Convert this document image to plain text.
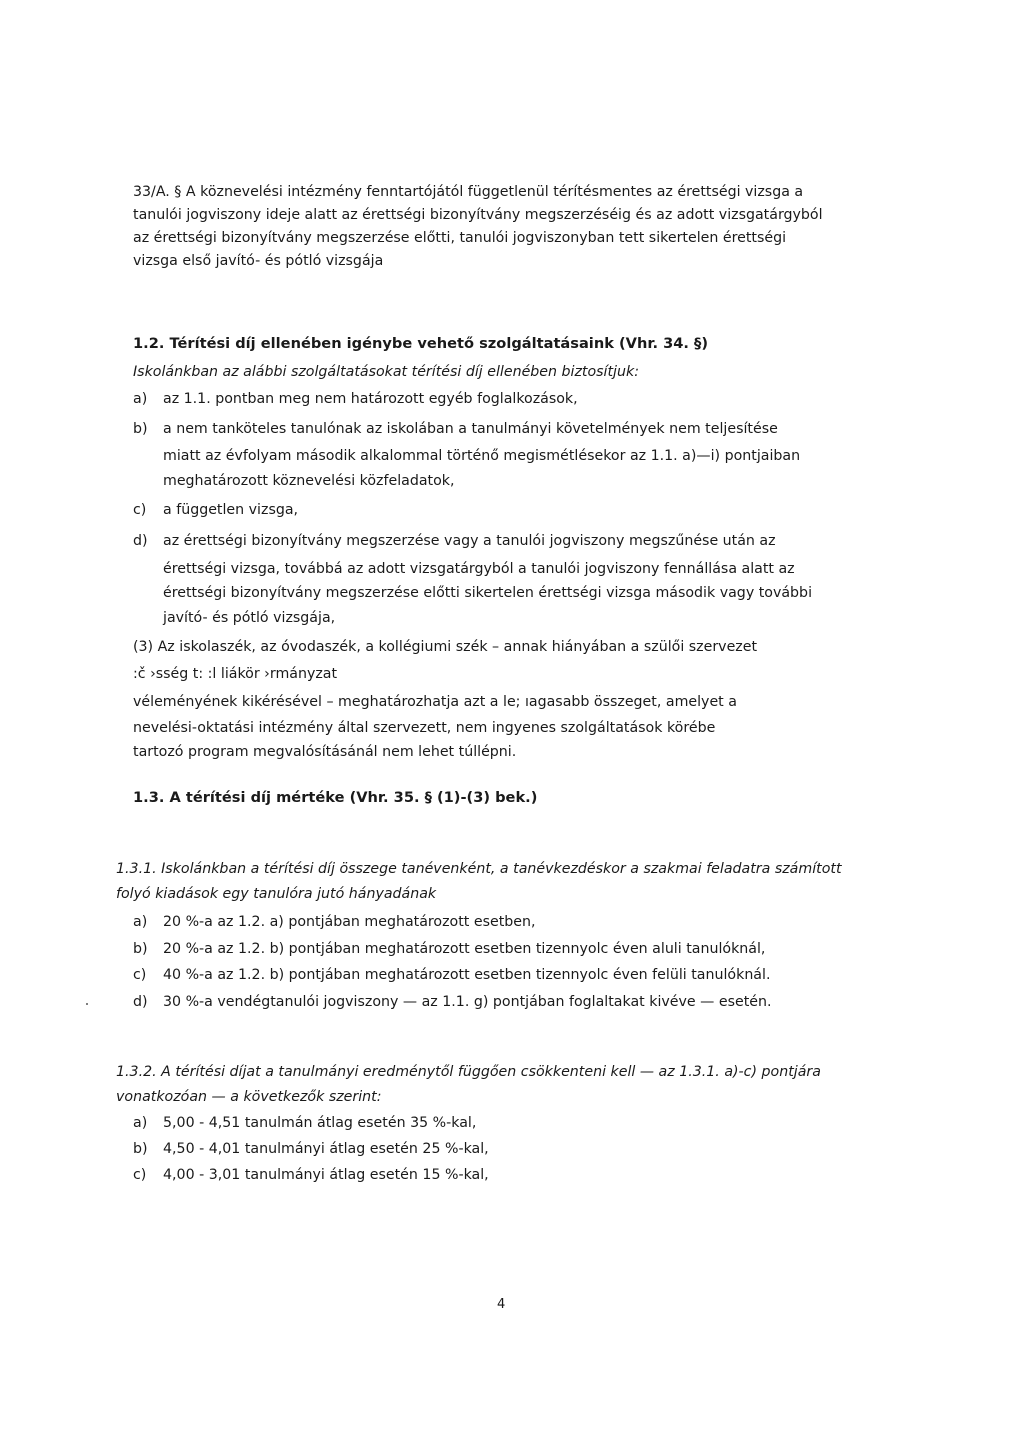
33/A. § A köznevelési intézmény fenntartójától függetlenül térítésmentes az érettségi vizsga a
tanulói jogviszony ideje alatt az érettségi bizonyítvány megszerzéséig és az adott vizsgatárgyból
az érettségi bizonyítvány megszerzése előtti, tanulói jogviszonyban tett sikertelen érettségi
vizsga első javító- és pótló vizsgája
1.2. Térítési díj ellenében igénybe vehető szolgáltatásaink (Vhr. 34. §)
Iskolánkban az alábbi szolgáltatásokat térítési díj ellenében biztosítjuk:
a) az 1.1. pontban meg nem határozott egyéb foglalkozások,
b) a nem tanköteles tanulónak az iskolában a tanulmányi követelmények nem teljesítése
miatt az évfolyam második alkalommal történő megismétlésekor az 1.1. a)—i) pontjaiban
meghatározott köznevelési közfeladatok,
c) a független vizsga,
d) az érettségi bizonyítvány megszerzése vagy a tanulói jogviszony megszűnése után az
érettségi vizsga, továbbá az adott vizsgatárgyból a tanulói jogviszony fennállása alatt az
érettségi bizonyítvány megszerzése előtti sikertelen érettségi vizsga második vagy további
javító- és pótló vizsgája,
(3) Az iskolaszék, az óvodaszék, a kollégiumi szék – annak hiányában a szülői szervezet
:č ›sség t: :l liákör ›rmányzat
véleményének kikérésével – meghatározhatja azt a le; ıagasabb összeget, amelyet a
nevelési-oktatási intézmény által szervezett, nem ingyenes szolgáltatások körébe
tartozó program megvalósításánál nem lehet túllépni.
1.3. A térítési díj mértéke (Vhr. 35. § (1)-(3) bek.)
1.3.1. Iskolánkban a térítési díj összege tanévenként, a tanévkezdéskor a szakmai feladatra számított
folyó kiadások egy tanulóra jutó hányadának
a) 20 %-a az 1.2. a) pontjában meghatározott esetben,
b) 20 %-a az 1.2. b) pontjában meghatározott esetben tizennyolc éven aluli tanulóknál,
c) 40 %-a az 1.2. b) pontjában meghatározott esetben tizennyolc éven felüli tanulóknál.
d) 30 %-a vendégtanulói jogviszony — az 1.1. g) pontjában foglaltakat kivéve — esetén.
1.3.2. A térítési díjat a tanulmányi eredménytől függően csökkenteni kell — az 1.3.1. a)-c) pontjára
vonatkozóan — a következők szerint:
a) 5,00 - 4,51 tanulmán átlag esetén 35 %-kal,
b) 4,50 - 4,01 tanulmányi átlag esetén 25 %-kal,
c) 4,00 - 3,01 tanulmányi átlag esetén 15 %-kal,
4
